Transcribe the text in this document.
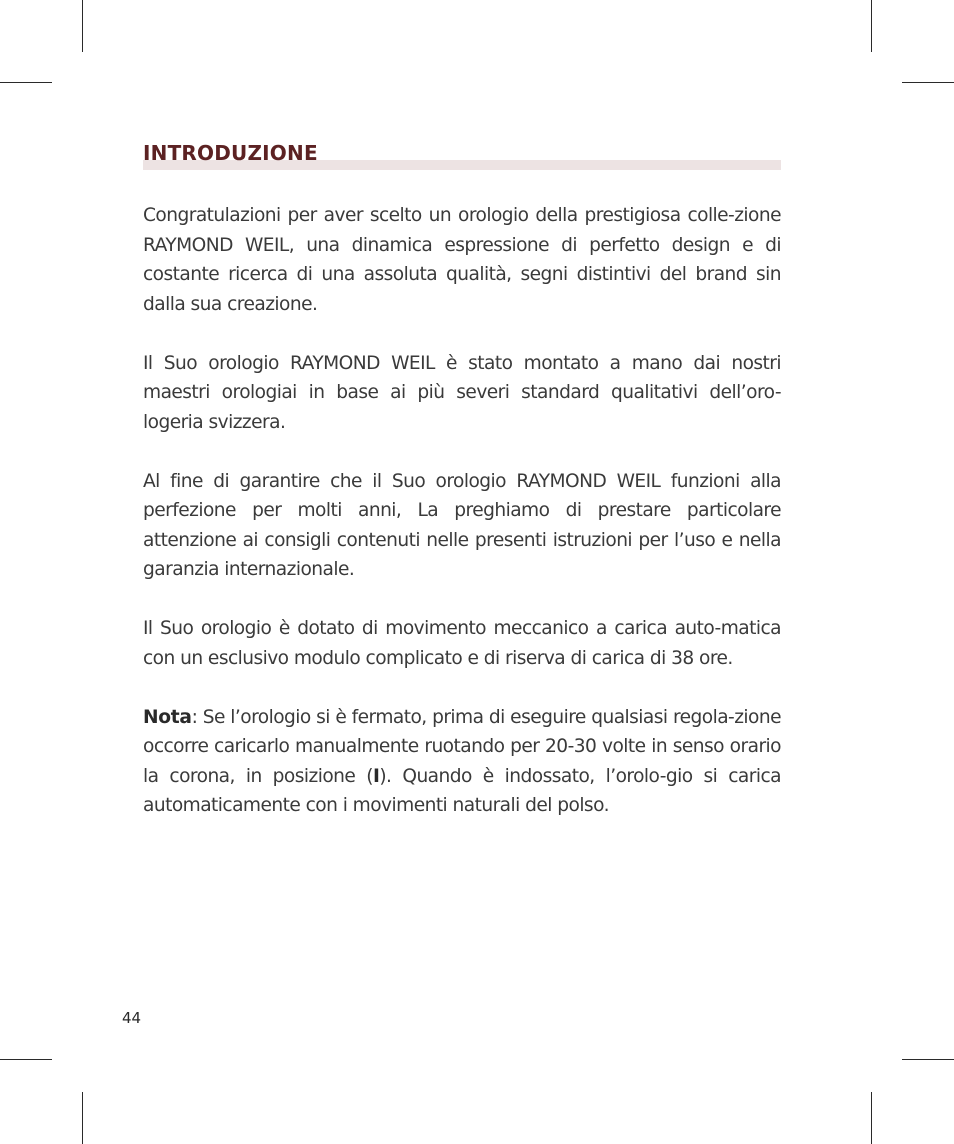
INTRODUZIONE

Congratulazioni per aver scelto un orologio della prestigiosa colle-zione RAYMOND WEIL, una dinamica espressione di perfetto design e di costante ricerca di una assoluta qualità, segni distintivi del brand sin dalla sua creazione.

Il Suo orologio RAYMOND WEIL è stato montato a mano dai nostri maestri orologiai in base ai più severi standard qualitativi dell’oro-logeria svizzera.

Al fine di garantire che il Suo orologio RAYMOND WEIL funzioni alla perfezione per molti anni, La preghiamo di prestare particolare attenzione ai consigli contenuti nelle presenti istruzioni per l’uso e nella garanzia internazionale.

Il Suo orologio è dotato di movimento meccanico a carica auto-matica con un esclusivo modulo complicato e di riserva di carica di 38 ore.

Nota: Se l’orologio si è fermato, prima di eseguire qualsiasi regola-zione occorre caricarlo manualmente ruotando per 20-30 volte in senso orario la corona, in posizione (I). Quando è indossato, l’orolo-gio si carica automaticamente con i movimenti naturali del polso.

44
